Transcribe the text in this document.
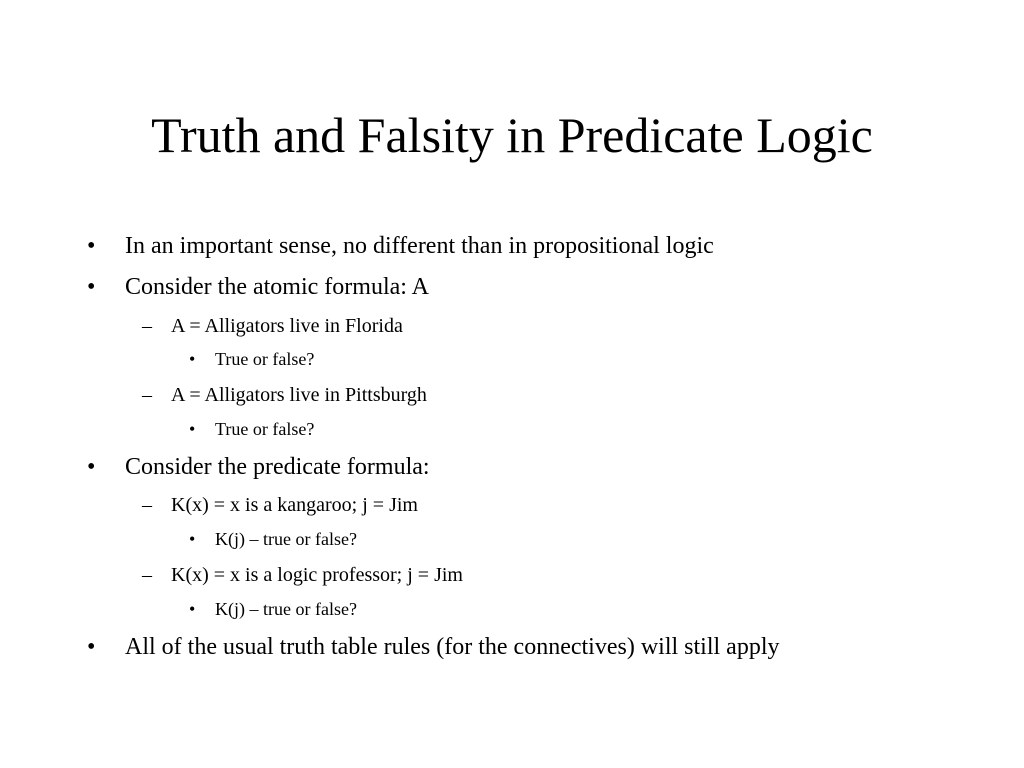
Truth and Falsity in Predicate Logic
• In an important sense, no different than in propositional logic
• Consider the atomic formula: A
– A = Alligators live in Florida
• True or false?
– A = Alligators live in Pittsburgh
• True or false?
• Consider the predicate formula:
– K(x) = x is a kangaroo; j = Jim
• K(j) – true or false?
– K(x) = x is a logic professor; j = Jim
• K(j) – true or false?
• All of the usual truth table rules (for the connectives) will still apply
